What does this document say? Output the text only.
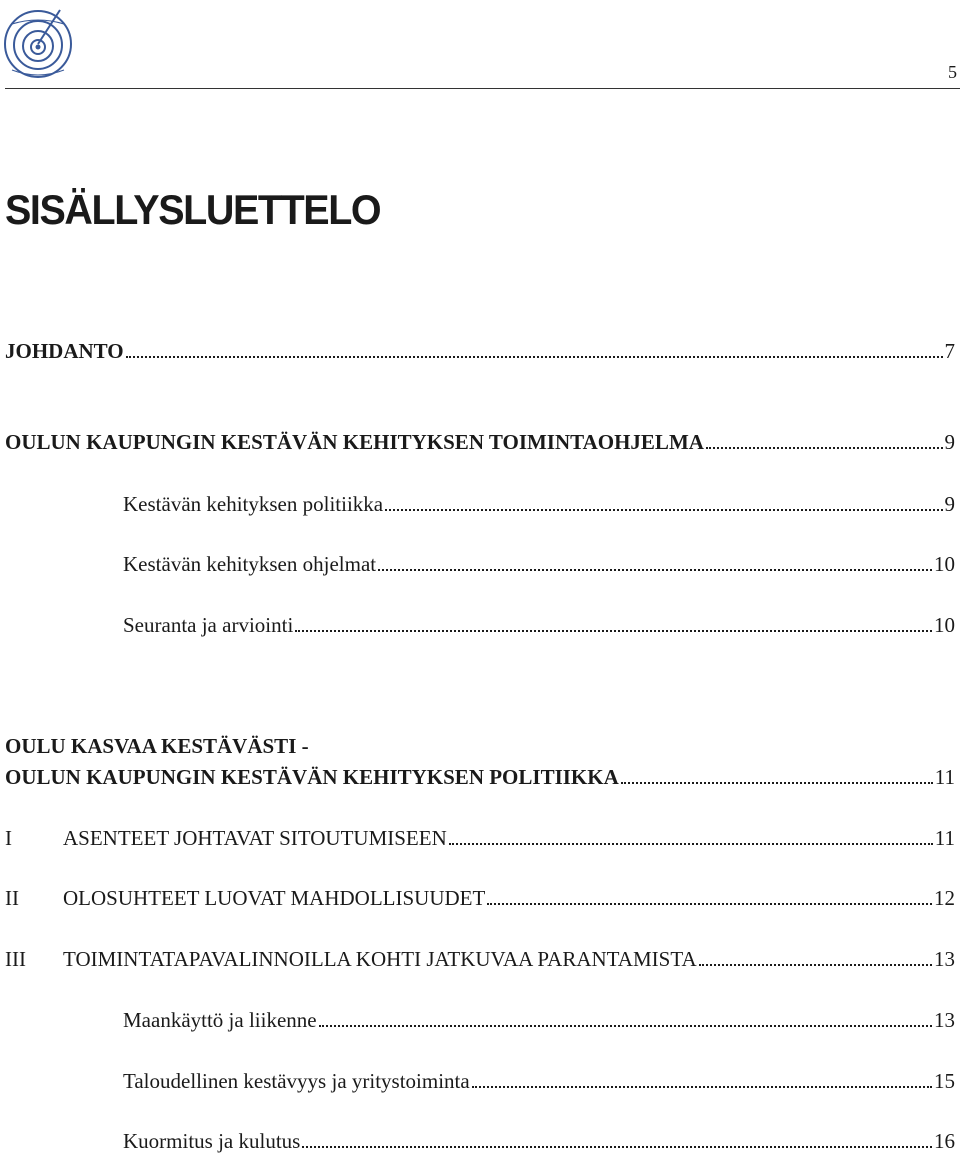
5
SISÄLLYSLUETTELO
JOHDANTO	7
OULUN KAUPUNGIN KESTÄVÄN KEHITYKSEN TOIMINTAOHJELMA	9
Kestävän kehityksen politiikka	9
Kestävän kehityksen ohjelmat	10
Seuranta ja arviointi	10
OULU KASVAA KESTÄVÄSTI -
OULUN KAUPUNGIN KESTÄVÄN KEHITYKSEN POLITIIKKA	11
I	ASENTEET JOHTAVAT SITOUTUMISEEN	11
II	OLOSUHTEET LUOVAT MAHDOLLISUUDET	12
III	TOIMINTATAPAVALINNOILLA KOHTI JATKUVAA PARANTAMISTA	13
Maankäyttö ja liikenne	13
Taloudellinen kestävyys ja yritystoiminta	15
Kuormitus ja kulutus	16
